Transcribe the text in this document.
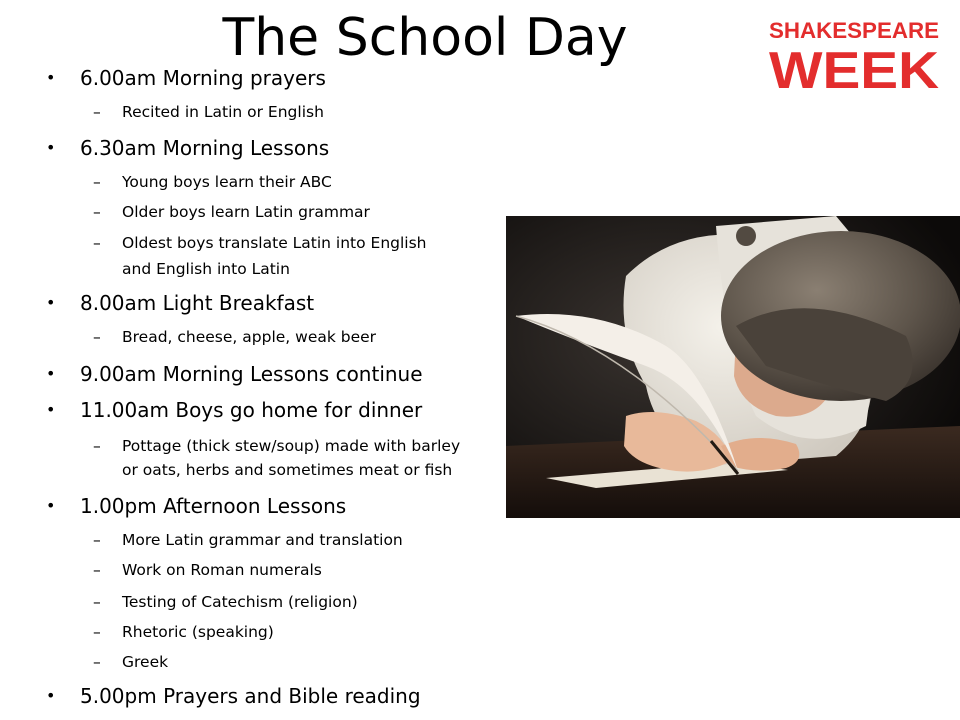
The School Day	SHAKESPEARE
WEEK
• 6.00am Morning prayers
– Recited in Latin or English
• 6.30am Morning Lessons
– Young boys learn their ABC
– Older boys learn Latin grammar
– Oldest boys translate Latin into English
and English into Latin
• 8.00am Light Breakfast
– Bread, cheese, apple, weak beer
• 9.00am Morning Lessons continue
• 11.00am Boys go home for dinner
– Pottage (thick stew/soup) made with barley
or oats, herbs and sometimes meat or fish
• 1.00pm Afternoon Lessons
– More Latin grammar and translation
– Work on Roman numerals
– Testing of Catechism (religion)
– Rhetoric (speaking)
– Greek
• 5.00pm Prayers and Bible reading
